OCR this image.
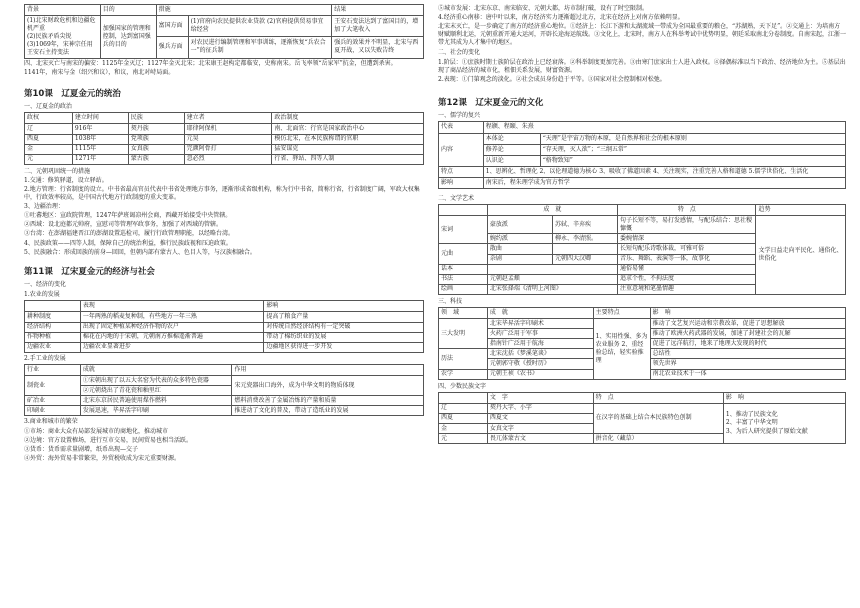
背景	目的	措施		结果

(1)北宋财政危机和边疆危机严重
(2)民族矛盾尖锐
(3)1069年，宋神宗任用王安石主持变法	加强国家的管理和控制，达到富国强兵的目的	富国方面	(1)官府向农民提供农业贷款 (2)官府提供贸易事宜给经营	王安石变法达到了富国目的，增加了大笔收入
		强兵方面	对农民进行编制管理和军事训练，逐渐恢复“兵农合一”的征兵制	强兵的效果并不明显，北宋与西夏开战，又以失败告终
四、北宋灭亡与南宋的偏安：1125年金灭辽；1127年金灭北宋；北宋康王赵构定都临安，史称南宋。岳飞率领“岳家军”抗金，但遭到杀害。
1141年，南宋与金（绍兴和议），和议，南北对峙局面。
第10课　辽夏金元的统治
一、辽夏金的政治
政权	建立时间	民族	建立者	政治制度
辽	916年	契丹族	耶律阿保机	南、北面官：行官是国家政治中心
西夏	1038年	党项族	元昊	模仿北宋，在本民族称谓的官职
金	1115年	女真族	完颜阿骨打	猛安谋克
元	1271年	蒙古族	忽必烈	行省、驿站、四等人制
二、元朝巩固统一的措施
1.交通：修筑驿道，设立驿站。
2.地方管理：行省制度的设立。中书省最高官员代表中书省处理地方事务，逐渐形成省级机构，称为行中书省，简称行省，行省制度广阔，军政大权集中，行政效率较高，是中国古代地方行政制度的重大变革。
3、边疆治理：
①吐蕃地区：宣政院管理，1247年萨班谒凉州会商，西藏开始接受中央管辖。
②西域：设北庭都元帅府，宣慰司等管理军政事务，加强了对西域的管辖。
③台湾：在澎湖福建晋江的澎湖设置巡检司，履行行政管理职能，以经略台湾。
4、民族政策——四等人制，保障自己的统治利益，推行民族歧视和压迫政策。
5、民族融合：形成回族的前身—回回，但朝内部有蒙古人、色目人等，与汉族相融合。
第11课　辽宋夏金元的经济与社会
一、经济的变化
1.农业的发展
	表现	影响
耕种制度	一年两熟的稻麦复种制，有些地方一年三熟	提高了粮食产量
经济结构	出现了固定种植某种经济作物的农户	对传统自然经济结构有一定突破
作物种植	棉花在内地的于宋朝，元朝南方推棉遥渐普遍	带动了棉纺织业的发展
边疆农业	边疆农业显著进步	边疆地区获得进一步开发
2.手工业的发展
行业	成就	作用
制瓷业	①宋朝出现了以五大名窑为代表的众多特色瓷器	宋元瓷器出口海外，成为中华文明的物质体现
	②元朝烧出了青花瓷和釉里红	
矿冶业	北宋东京居民普遍使用煤作燃料	燃料消费改善了金属冶炼的产量和质量
印刷业	发展迅速，毕昇活字印刷	推进动了文化的普及，带动了造纸业的发展
3.商业和城市的繁荣
①市场：商业大众有局部发展城市的商地化，推动城市
②边境：官方设置榷场，进行互市交易，民间贸易也相当活跃。
③货币：货币需求量剧增，纸币出现—交子
④外贸：海外贸易非常繁荣，外贸税收成为宋元重要财源。
⑤城市发展：北宋东京、南宋临安、元朝大都，坊市制打破，设有了时空限制。
4.经济重心南移：唐中叶以来，南方经济实力逐渐超过北方，北宋在经济上对南方依赖明显。
北宋末灭亡，是一步确定了南方的经济重心地位。①经济上：长江下游和太湖流域一带成为全国最重要的粮仓，“苏湖熟，天下足”。②交通上：为培南方财赋顺利北运，元朝重新开通大运河，开辟长途海运航线。③文化上，北宋时，南方人在科举考试中优势明显，朝廷采取南北分卷制度。自南宋起，江浙一带尤其成为人才集中的地区。
二、社会的变化
1.阶层：①庶族时期士族阶层在政治上已经衰落。②科举制度更加完善。③由寒门庶家出士人进入政权。④择偶标准以当下政治、经济地位为主。⑤基层出现了商品经济的城市化，租佃关系发展，财富资源。
2.表现：①门第观念的淡化。②社会成员身份趋于平等。③国家对社会控制相对松弛。
第12课　辽宋夏金元的文化
一、儒学的复兴
代表	程颢、程颐、朱熹	
内容	本体论	“天理”是宇宙万物的本原，是自然界和社会的根本原则
	修养论	“存天理，灭人欲”；“三纲五常”
	认识论	“格物致知”
特点	1、思辨化、哲理化 2、以伦理道德为核心 3、吸收了佛道因素 4、关注现实，注重完善人格和道德 5.儒学世俗化、生活化	
影响	南宋后，程朱理学成为官方哲学	
二、文学艺术
	成　就		特　点	趋势
宋词	豪放派	苏轼、辛弃疾	句子长短不等，易打发感情，与配乐结合：思社稷慷慨	文学日益走向平民化、通俗化、世俗化
	婉约派	柳永、李清照。	委婉情深	
元曲	散曲		长短句配乐诗歌体裁，可雅可俗	
	杂剧	元朝四大汉卿	音乐、舞蹈、表演等一体，故事化	
话本			通俗易懂	
书法	元朝赵孟頫		追求个性，不拘法度	
绘画	北宋张择端《清明上河图》		注重意境和笔墨情趣	
三、科技
领　域	成　就	主要特点	影　响
三大发明	北宋毕昇活字印刷术	1、实用性强、多为农业服务 2、重经验总结，轻实验推理	推动了文艺复兴运动和宗教改革，促进了思想解放
	火药广泛用于军事		推动了欧洲火药武器的发展，加速了封建社会的瓦解
	指南针广泛用于航海		促进了远洋航行，地来了地理大发现的时代
历法	北宋沈括《梦溪笔谈》		总结性
	元朝郭守敬《授时历》		领先世界
农学	元朝王祯《农书》		南北农业技术于一体
四、少数民族文字
	文　字	特　点	影　响
辽	契丹大字、小字	在汉字的基础上结合本民族特色创制	1、推动了民族文化
2、丰富了中华文明
3、为后人研究提供了原始文献

西夏	西夏文		
金	女真文字		
元	畏兀体蒙古文	拼音化（藏草）	
